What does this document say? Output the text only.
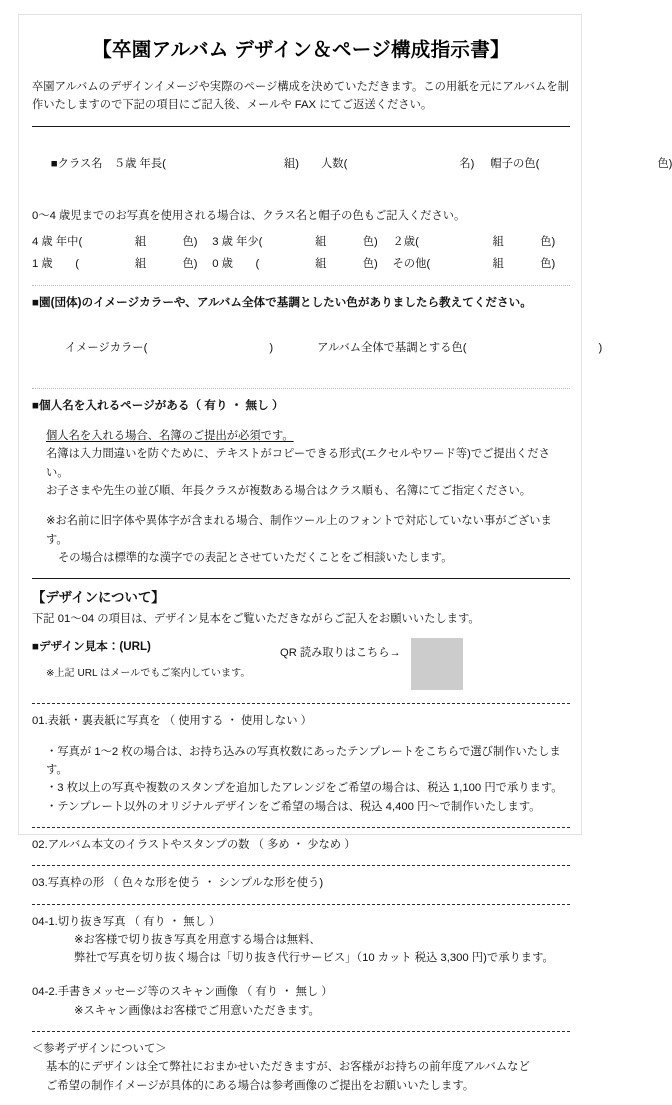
【卒園アルバム デザイン＆ページ構成指示書】

卒園アルバムのデザインイメージや実際のページ構成を決めていただきます。この用紙を元にアルバムを制

作いたしますので下記の項目にご記入後、メールや FAX にてご返送ください。

■クラス名　５歳 年長(	組) 人数(	名) 帽子の色(	色)

0〜4 歳児までのお写真を使用される場合は、クラス名と帽子の色もご記入ください。

4 歳 年中(		組	色)	3 歳 年少(		組	色)	２歳(		組	色)
1 歳　　(		組	色)	0 歳　　(		組	色)	その他(		組	色)

■園(団体)のイメージカラーや、アルバム全体で基調としたい色がありましたら教えてください。

イメージカラー(	)	アルバム全体で基調とする色(	)

■個人名を入れるページがある（ 有り ・ 無し ）

個人名を入れる場合、名簿のご提出が必須です。

名簿は入力間違いを防ぐために、テキストがコピーできる形式(エクセルやワード等)でご提出ください。

お子さまや先生の並び順、年長クラスが複数ある場合はクラス順も、名簿にてご指定ください。

※お名前に旧字体や異体字が含まれる場合、制作ツール上のフォントで対応していない事がございます。

その場合は標準的な漢字での表記とさせていただくことをご相談いたします。

【デザインについて】

下記 01〜04 の項目は、デザイン見本をご覧いただきながらご記入をお願いいたします。

■デザイン見本：(URL)

※上記 URL はメールでもご案内しています。

QR 読み取りはこちら→

01.表紙・裏表紙に写真を （ 使用する ・ 使用しない ）

・写真が 1〜2 枚の場合は、お持ち込みの写真枚数にあったテンプレートをこちらで選び制作いたします。

・3 枚以上の写真や複数のスタンプを追加したアレンジをご希望の場合は、税込 1,100 円で承ります。

・テンプレート以外のオリジナルデザインをご希望の場合は、税込 4,400 円〜で制作いたします。

02.アルバム本文のイラストやスタンプの数 （ 多め ・ 少なめ ）

03.写真枠の形 （ 色々な形を使う ・ シンプルな形を使う)

04-1.切り抜き写真 （ 有り ・ 無し ）

※お客様で切り抜き写真を用意する場合は無料、

弊社で写真を切り抜く場合は「切り抜き代行サービス」（10 カット 税込 3,300 円)で承ります。

04-2.手書きメッセージ等のスキャン画像 （ 有り ・ 無し ）

※スキャン画像はお客様でご用意いただきます。

＜参考デザインについて＞

基本的にデザインは全て弊社におまかせいただきますが、お客様がお持ちの前年度アルバムなど

ご希望の制作イメージが具体的にある場合は参考画像のご提出をお願いいたします。
